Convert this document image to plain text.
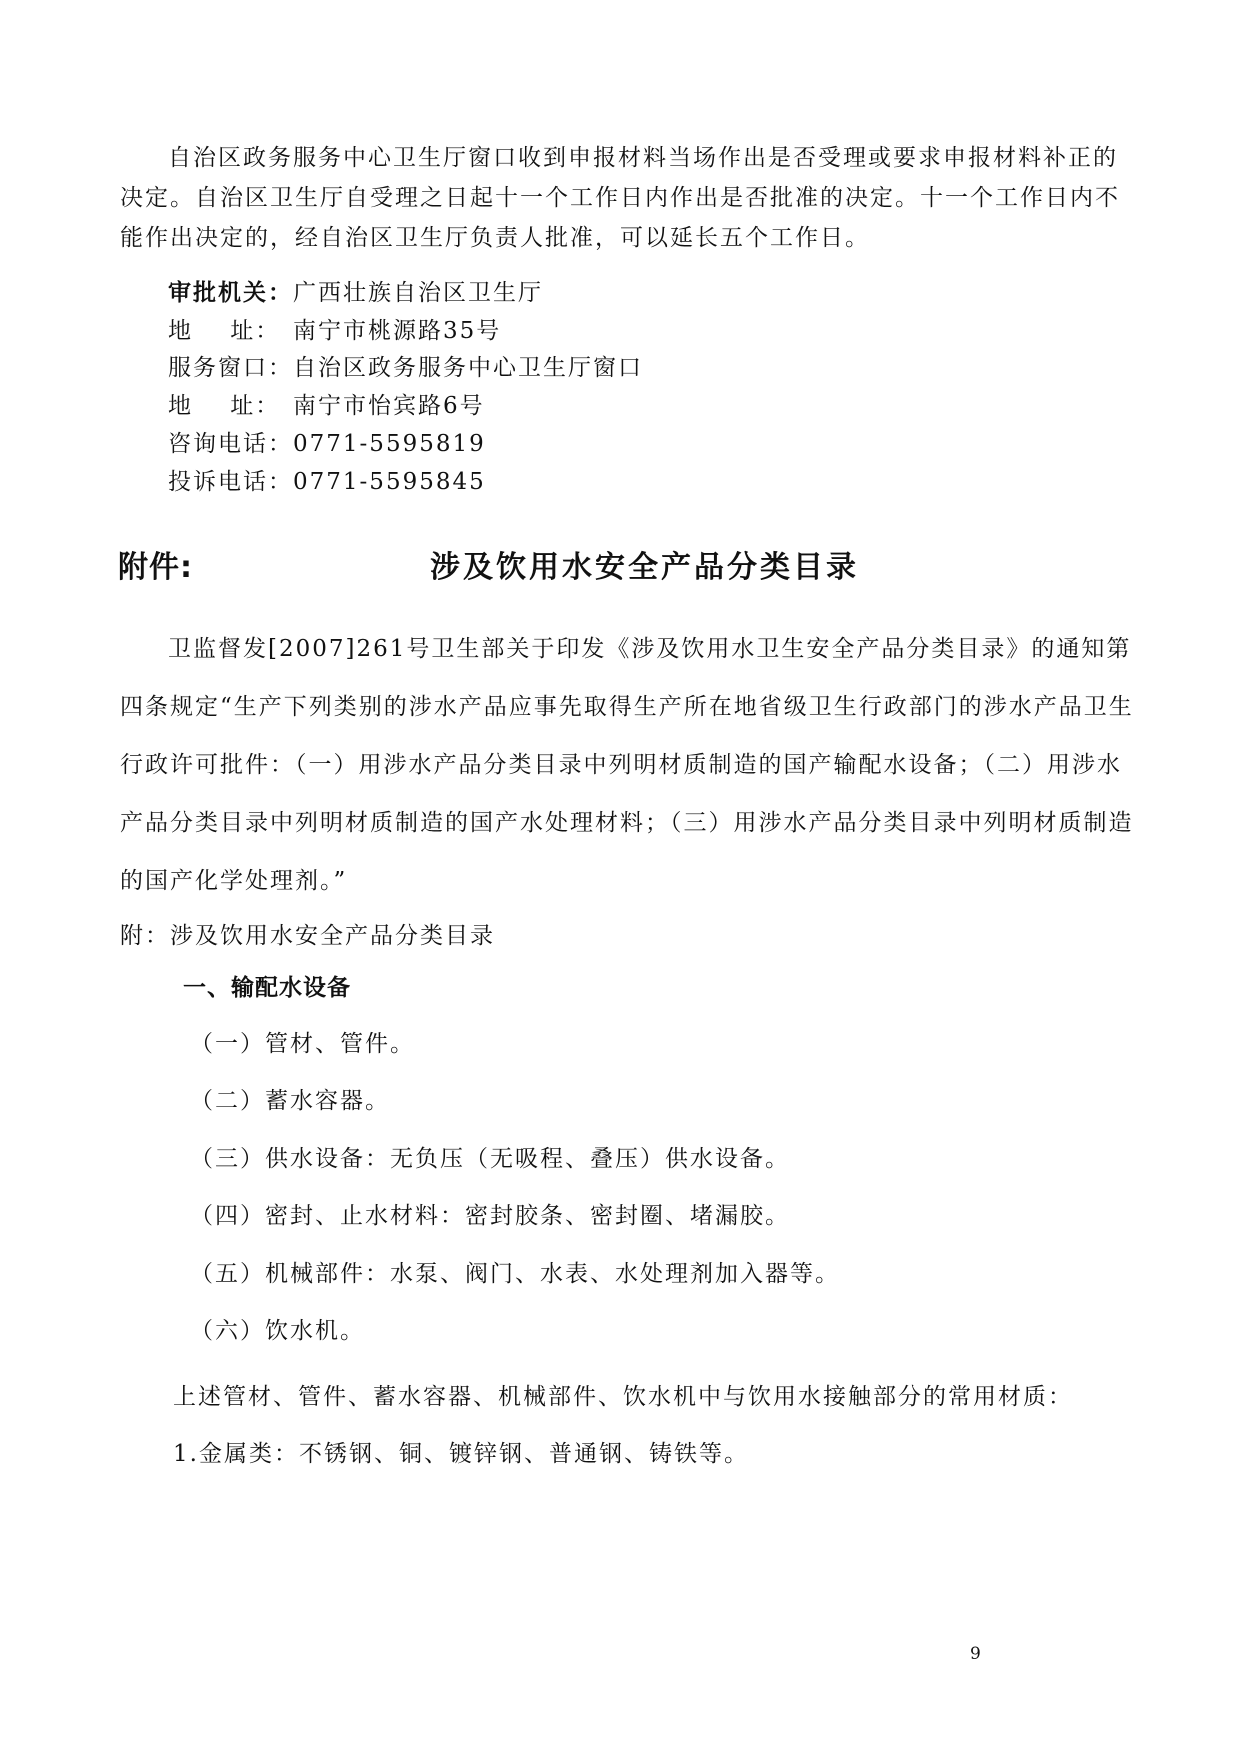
自治区政务服务中心卫生厅窗口收到申报材料当场作出是否受理或要求申报材料补正的决定。自治区卫生厅自受理之日起十一个工作日内作出是否批准的决定。十一个工作日内不能作出决定的，经自治区卫生厅负责人批准，可以延长五个工作日。

审批机关：广西壮族自治区卫生厅
地    址： 南宁市桃源路35号
服务窗口：自治区政务服务中心卫生厅窗口
地    址： 南宁市怡宾路6号
咨询电话：0771-5595819
投诉电话：0771-5595845
附件:	涉及饮用水安全产品分类目录

卫监督发[2007]261号卫生部关于印发《涉及饮用水卫生安全产品分类目录》的通知第四条规定“生产下列类别的涉水产品应事先取得生产所在地省级卫生行政部门的涉水产品卫生行政许可批件：（一）用涉水产品分类目录中列明材质制造的国产输配水设备；（二）用涉水产品分类目录中列明材质制造的国产水处理材料；（三）用涉水产品分类目录中列明材质制造的国产化学处理剂。”

附：涉及饮用水安全产品分类目录

一、输配水设备
（一）管材、管件。
（二）蓄水容器。
（三）供水设备：无负压（无吸程、叠压）供水设备。
（四）密封、止水材料：密封胶条、密封圈、堵漏胶。
（五）机械部件：水泵、阀门、水表、水处理剂加入器等。
（六）饮水机。
上述管材、管件、蓄水容器、机械部件、饮水机中与饮用水接触部分的常用材质：
1.金属类：不锈钢、铜、镀锌钢、普通钢、铸铁等。
9
